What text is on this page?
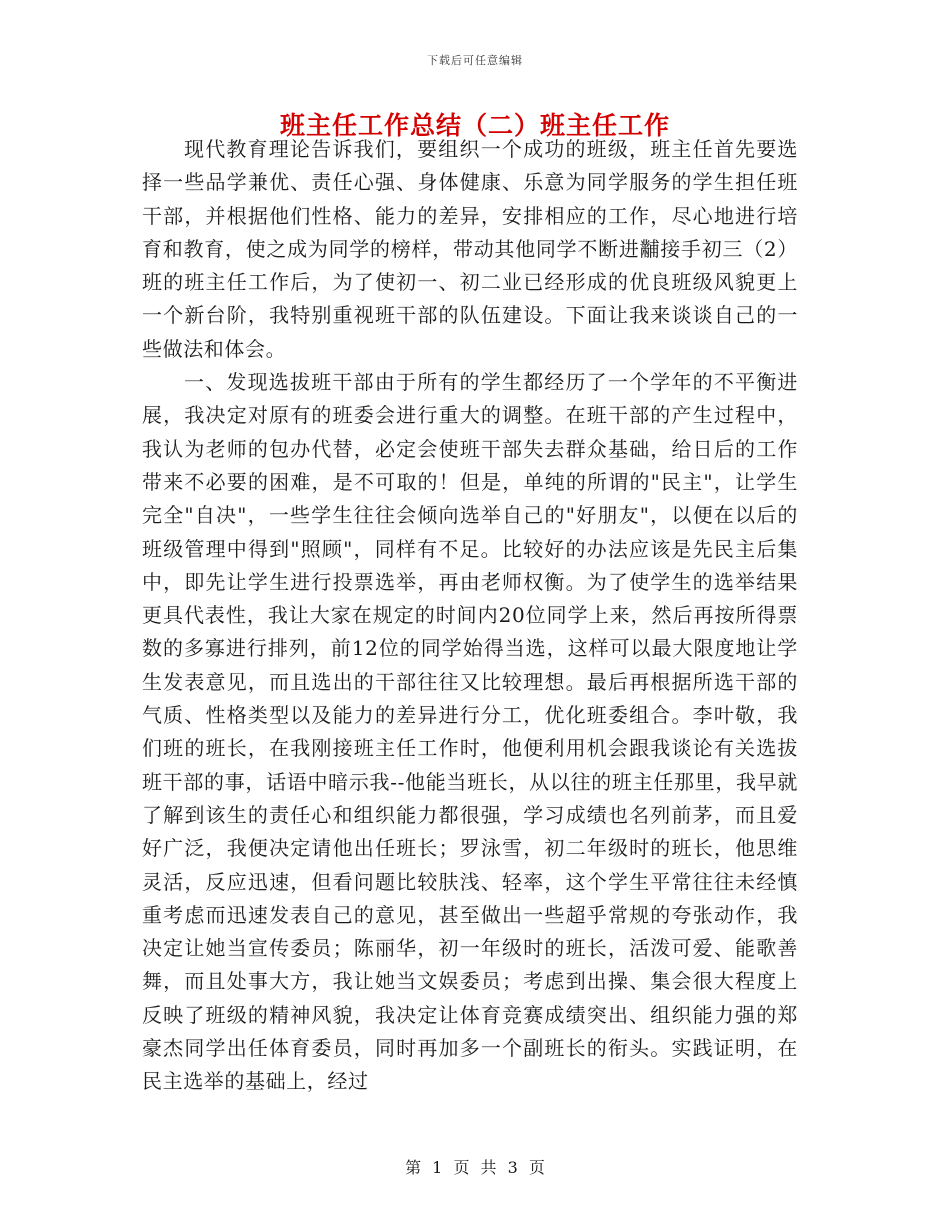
下载后可任意编辑
班主任工作总结（二）班主任工作

现代教育理论告诉我们，要组织一个成功的班级，班主任首先要选择一些品学兼优、责任心强、身体健康、乐意为同学服务的学生担任班干部，并根据他们性格、能力的差异，安排相应的工作，尽心地进行培育和教育，使之成为同学的榜样，带动其他同学不断进黼接手初三（2）班的班主任工作后，为了使初一、初二业已经形成的优良班级风貌更上一个新台阶，我特别重视班干部的队伍建设。下面让我来谈谈自己的一些做法和体会。

一、发现选拔班干部由于所有的学生都经历了一个学年的不平衡进展，我决定对原有的班委会进行重大的调整。在班干部的产生过程中，我认为老师的包办代替，必定会使班干部失去群众基础，给日后的工作带来不必要的困难，是不可取的！但是，单纯的所谓的"民主"，让学生完全"自决"，一些学生往往会倾向选举自己的"好朋友"，以便在以后的班级管理中得到"照顾"，同样有不足。比较好的办法应该是先民主后集中，即先让学生进行投票选举，再由老师权衡。为了使学生的选举结果更具代表性，我让大家在规定的时间内20位同学上来，然后再按所得票数的多寡进行排列，前12位的同学始得当选，这样可以最大限度地让学生发表意见，而且选出的干部往往又比较理想。最后再根据所选干部的气质、性格类型以及能力的差异进行分工，优化班委组合。李叶敬，我们班的班长，在我刚接班主任工作时，他便利用机会跟我谈论有关选拔班干部的事，话语中暗示我--他能当班长，从以往的班主任那里，我早就了解到该生的责任心和组织能力都很强，学习成绩也名列前茅，而且爱好广泛，我便决定请他出任班长；罗泳雪，初二年级时的班长，他思维灵活，反应迅速，但看问题比较肤浅、轻率，这个学生平常往往未经慎重考虑而迅速发表自己的意见，甚至做出一些超乎常规的夸张动作，我决定让她当宣传委员；陈丽华，初一年级时的班长，活泼可爱、能歌善舞，而且处事大方，我让她当文娱委员；考虑到出操、集会很大程度上反映了班级的精神风貌，我决定让体育竞赛成绩突出、组织能力强的郑豪杰同学出任体育委员，同时再加多一个副班长的衔头。实践证明，在民主选举的基础上，经过

第 1 页 共 3 页
